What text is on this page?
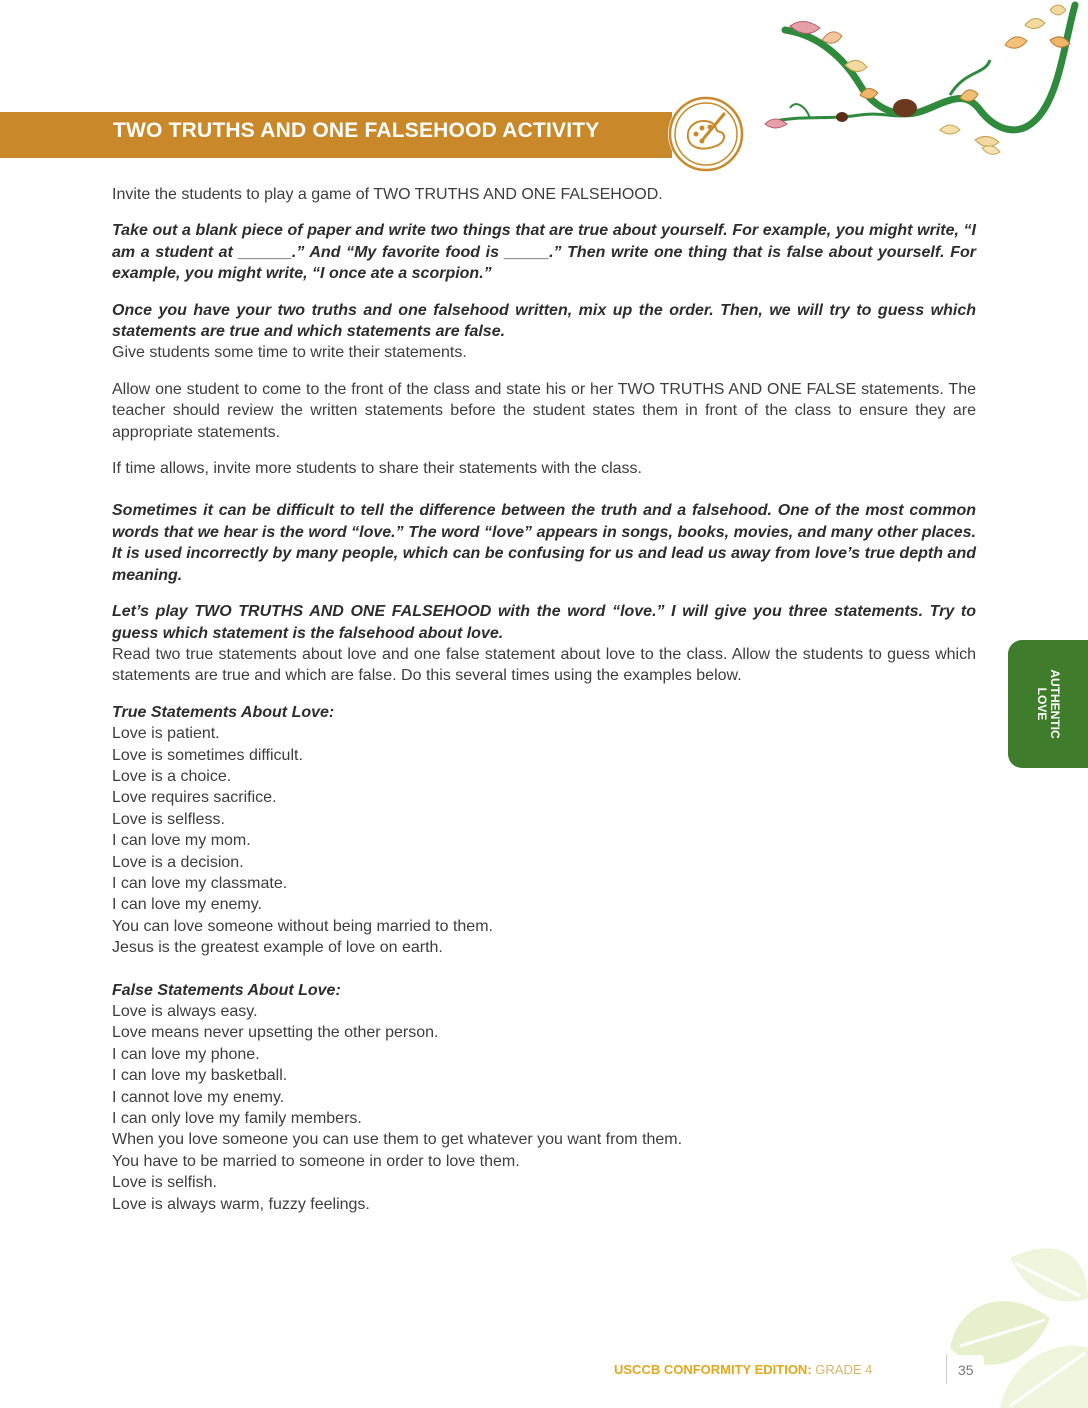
TWO TRUTHS AND ONE FALSEHOOD ACTIVITY

Invite the students to play a game of TWO TRUTHS AND ONE FALSEHOOD.

Take out a blank piece of paper and write two things that are true about yourself. For example, you might write, “I am a student at ______.” And “My favorite food is _____.” Then write one thing that is false about yourself. For example, you might write, “I once ate a scorpion.”

Once you have your two truths and one falsehood written, mix up the order. Then, we will try to guess which statements are true and which statements are false.
Give students some time to write their statements.

Allow one student to come to the front of the class and state his or her TWO TRUTHS AND ONE FALSE statements. The teacher should review the written statements before the student states them in front of the class to ensure they are appropriate statements.

If time allows, invite more students to share their statements with the class.

Sometimes it can be difficult to tell the difference between the truth and a falsehood. One of the most common words that we hear is the word “love.” The word “love” appears in songs, books, movies, and many other places. It is used incorrectly by many people, which can be confusing for us and lead us away from love’s true depth and meaning.

Let’s play TWO TRUTHS AND ONE FALSEHOOD with the word “love.” I will give you three statements. Try to guess which statement is the falsehood about love.
Read two true statements about love and one false statement about love to the class. Allow the students to guess which statements are true and which are false. Do this several times using the examples below.

True Statements About Love:
Love is patient.
Love is sometimes difficult.
Love is a choice.
Love requires sacrifice.
Love is selfless.
I can love my mom.
Love is a decision.
I can love my classmate.
I can love my enemy.
You can love someone without being married to them.
Jesus is the greatest example of love on earth.
False Statements About Love:
Love is always easy.
Love means never upsetting the other person.
I can love my phone.
I can love my basketball.
I cannot love my enemy.
I can only love my family members.
When you love someone you can use them to get whatever you want from them.
You have to be married to someone in order to love them.
Love is selfish.
Love is always warm, fuzzy feelings.
AUTHENTIC
LOVE
USCCB CONFORMITY EDITION: GRADE 4	35
